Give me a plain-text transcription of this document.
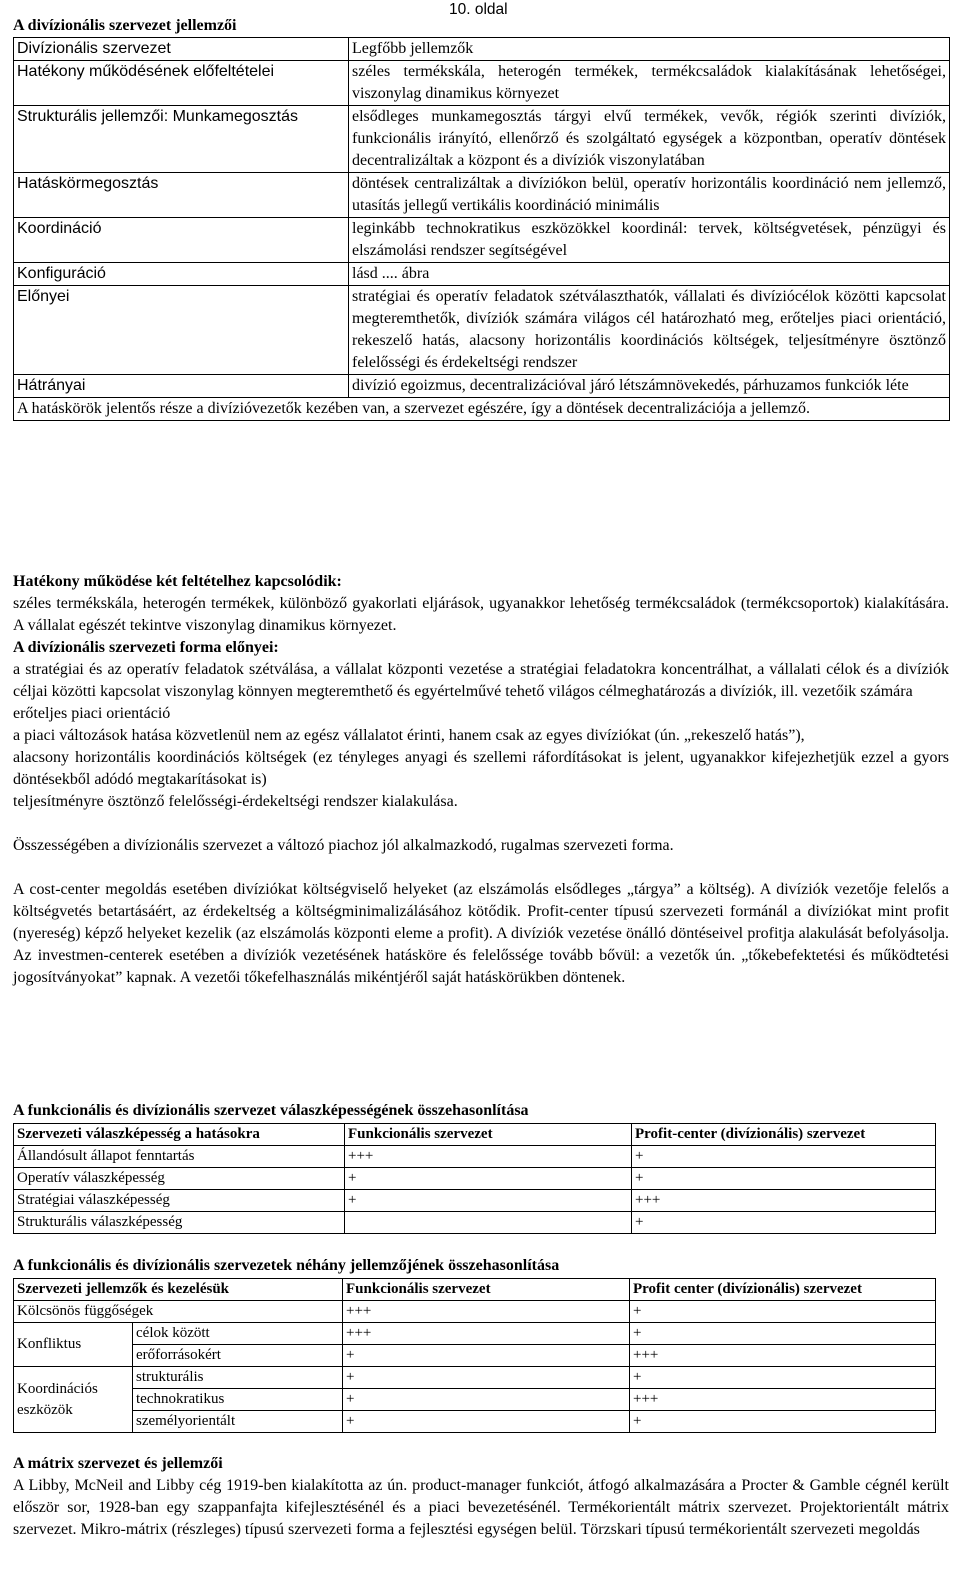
10. oldal
A divízionális szervezet jellemzői
Divízionális szervezet	Legfőbb jellemzők
Hatékony működésének előfeltételei	széles termékskála, heterogén termékek, termékcsaládok kialakításának lehetőségei, viszonylag dinamikus környezet
Strukturális jellemzői: Munkamegosztás	elsődleges munkamegosztás tárgyi elvű termékek, vevők, régiók szerinti divíziók, funkcionális irányító, ellenőrző és szolgáltató egységek a központban, operatív döntések decentralizáltak a központ és a divíziók viszonylatában
Hatáskörmegosztás	döntések centralizáltak a divíziókon belül, operatív horizontális koordináció nem jellemző, utasítás jellegű vertikális koordináció minimális
Koordináció	leginkább technokratikus eszközökkel koordinál: tervek, költségvetések, pénzügyi és elszámolási rendszer segítségével
Konfiguráció	lásd .... ábra
Előnyei	stratégiai és operatív feladatok szétválaszthatók, vállalati és divíziócélok közötti kapcsolat megteremthetők, divíziók számára világos cél határozható meg, erőteljes piaci orientáció, rekeszelő hatás, alacsony horizontális koordinációs költségek, teljesítményre ösztönző felelősségi és érdekeltségi rendszer
Hátrányai	divízió egoizmus, decentralizációval járó létszámnövekedés, párhuzamos funkciók léte
A hatáskörök jelentős része a divízióvezetők kezében van, a szervezet egészére, így a döntések decentralizációja a jellemző.	
Hatékony működése két feltételhez kapcsolódik:
széles termékskála, heterogén termékek, különböző gyakorlati eljárások, ugyanakkor lehetőség termékcsaládok (termékcsoportok) kialakítására. A vállalat egészét tekintve viszonylag dinamikus környezet.
A divízionális szervezeti forma előnyei:
a stratégiai és az operatív feladatok szétválása, a vállalat központi vezetése a stratégiai feladatokra koncentrálhat, a vállalati célok és a divíziók céljai közötti kapcsolat viszonylag könnyen megteremthető és egyértelművé tehető világos célmeghatározás a divíziók, ill. vezetőik számára
erőteljes piaci orientáció
a piaci változások hatása közvetlenül nem az egész vállalatot érinti, hanem csak az egyes divíziókat (ún. „rekeszelő hatás”),
alacsony horizontális koordinációs költségek (ez tényleges anyagi és szellemi ráfordításokat is jelent, ugyanakkor kifejezhetjük ezzel a gyors döntésekből adódó megtakarításokat is)
teljesítményre ösztönző felelősségi-érdekeltségi rendszer kialakulása.
Összességében a divízionális szervezet a változó piachoz jól alkalmazkodó, rugalmas szervezeti forma.
A cost-center megoldás esetében divíziókat költségviselő helyeket (az elszámolás elsődleges „tárgya” a költség). A divíziók vezetője felelős a költségvetés betartásáért, az érdekeltség a költségminimalizálásához kötődik. Profit-center típusú szervezeti formánál a divíziókat mint profit (nyereség) képző helyeket kezelik (az elszámolás központi eleme a profit). A divíziók vezetése önálló döntéseivel profitja alakulását befolyásolja. Az investmen-centerek esetében a divíziók vezetésének hatásköre és felelőssége tovább bővül: a vezetők ún. „tőkebefektetési és működtetési jogosítványokat” kapnak. A vezetői tőkefelhasználás mikéntjéről saját hatáskörükben döntenek.
A funkcionális és divízionális szervezet válaszképességének összehasonlítása
Szervezeti válaszképesség a hatásokra	Funkcionális szervezet	Profit-center (divízionális) szervezet
Állandósult állapot fenntartás	+++	+
Operatív válaszképesség	+	+
Stratégiai válaszképesség	+	+++
Strukturális válaszképesség		+
A funkcionális és divízionális szervezetek néhány jellemzőjének összehasonlítása
Szervezeti jellemzők és kezelésük		Funkcionális szervezet	Profit center (divízionális) szervezet
Kölcsönös függőségek		+++	+
Konfliktus	célok között	+++	+
	erőforrásokért	+	+++
Koordinációs eszközök	strukturális	+	+
	technokratikus	+	+++
	személyorientált	+	+
A mátrix szervezet és jellemzői
A Libby, McNeil and Libby cég 1919-ben kialakította az ún. product-manager funkciót, átfogó alkalmazására a Procter & Gamble cégnél került először sor, 1928-ban egy szappanfajta kifejlesztésénél és a piaci bevezetésénél. Termékorientált mátrix szervezet. Projektorientált mátrix szervezet. Mikro-mátrix (részleges) típusú szervezeti forma a fejlesztési egységen belül. Törzskari típusú termékorientált szervezeti megoldás
